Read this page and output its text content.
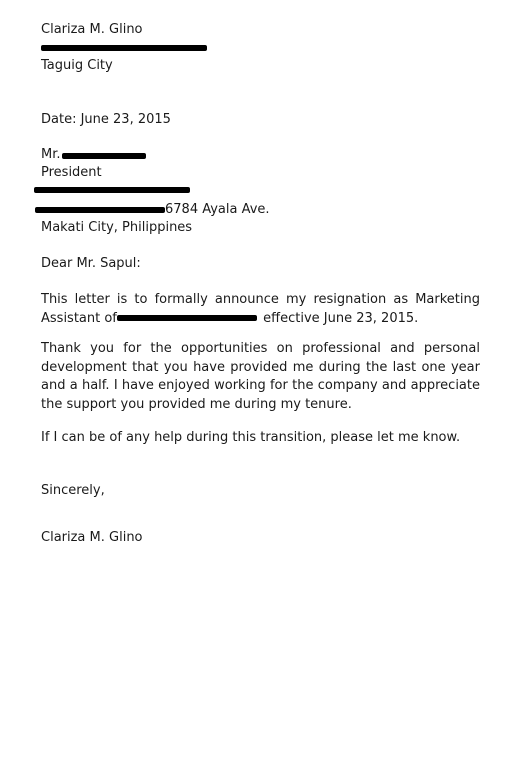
Clariza M. Glino
Taguig City
Date: June 23, 2015
Mr.
President
6784 Ayala Ave.
Makati City, Philippines
Dear Mr. Sapul:
This letter is to formally announce my resignation as Marketing Assistant of	effective June 23, 2015.
Thank you for the opportunities on professional and personal development that you have provided me during the last one year and a half. I have enjoyed working for the company and appreciate the support you provided me during my tenure.
If I can be of any help during this transition, please let me know.
Sincerely,
Clariza M. Glino
